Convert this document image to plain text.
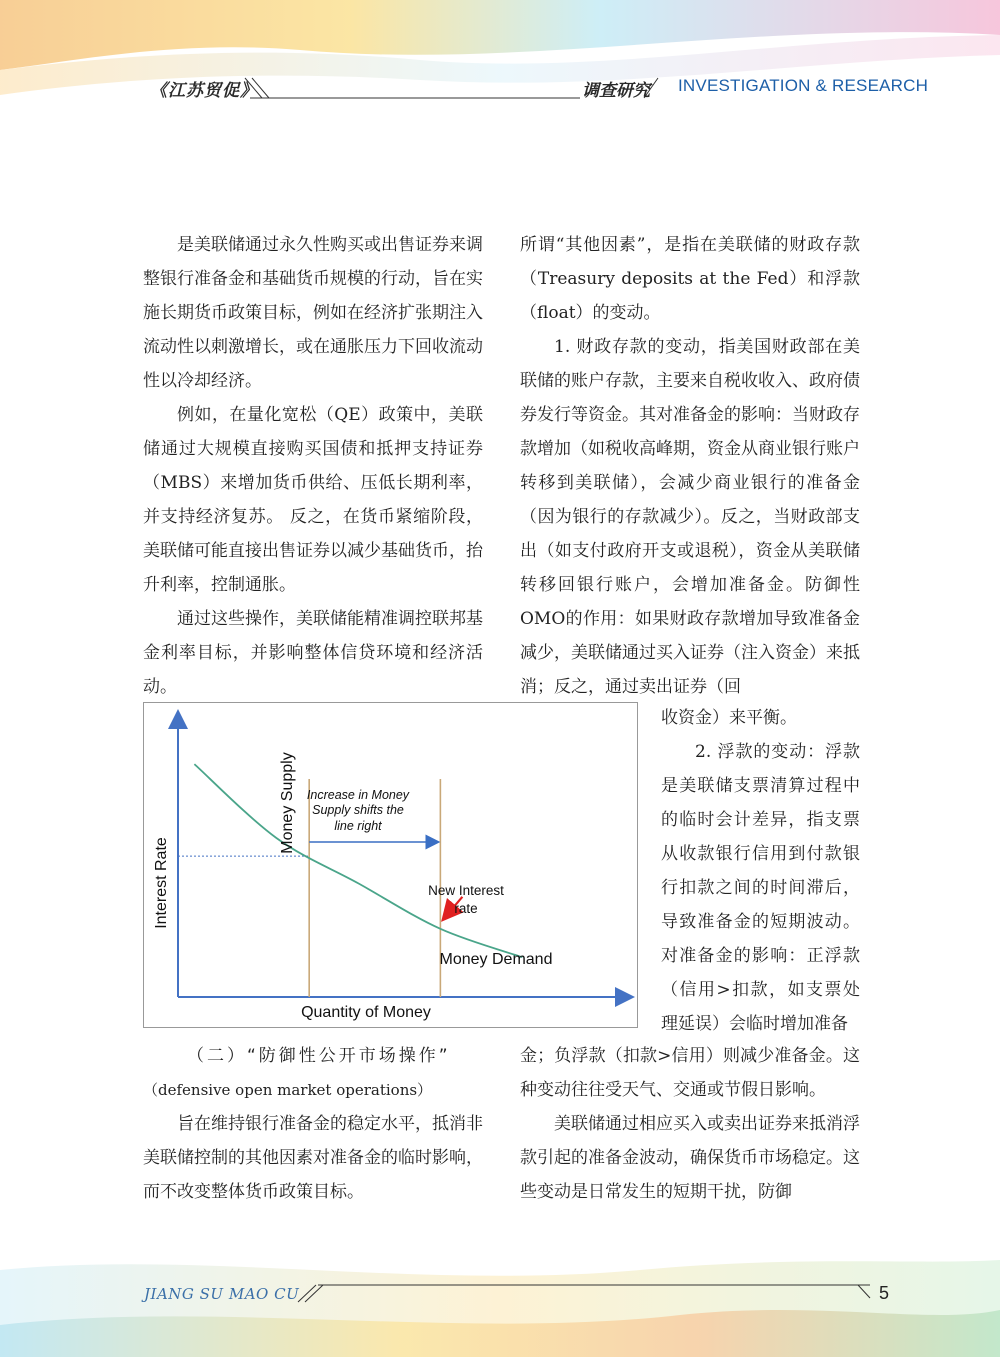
《江苏贸促》	调查研究 INVESTIGATION & RESEARCH

是美联储通过永久性购买或出售证券来调整银行准备金和基础货币规模的行动，旨在实施长期货币政策目标，例如在经济扩张期注入流动性以刺激增长，或在通胀压力下回收流动性以冷却经济。

例如，在量化宽松（QE）政策中，美联储通过大规模直接购买国债和抵押支持证券（MBS）来增加货币供给、压低长期利率，并支持经济复苏。 反之，在货币紧缩阶段，美联储可能直接出售证券以减少基础货币，抬升利率，控制通胀。

通过这些操作，美联储能精准调控联邦基金利率目标，并影响整体信贷环境和经济活动。

Interest Rate
Quantity of Money
Money Supply
Money Demand
Increase in Money
Supply shifts the
line right
New Interest
rate

（二）“防御性公开市场操作”

（defensive open market operations）

旨在维持银行准备金的稳定水平，抵消非美联储控制的其他因素对准备金的临时影响，而不改变整体货币政策目标。

所谓“其他因素”，是指在美联储的财政存款（Treasury deposits at the Fed）和浮款（float）的变动。

1. 财政存款的变动，指美国财政部在美联储的账户存款，主要来自税收收入、政府债券发行等资金。其对准备金的影响：当财政存款增加（如税收高峰期，资金从商业银行账户转移到美联储），会减少商业银行的准备金（因为银行的存款减少）。反之，当财政部支出（如支付政府开支或退税），资金从美联储转移回银行账户，会增加准备金。防御性OMO的作用：如果财政存款增加导致准备金减少，美联储通过买入证券（注入资金）来抵消；反之，通过卖出证券（回

收资金）来平衡。

2. 浮款的变动：浮款是美联储支票清算过程中的临时会计差异，指支票从收款银行信用到付款银行扣款之间的时间滞后，导致准备金的短期波动。对准备金的影响：正浮款（信用>扣款，如支票处理延误）会临时增加准备

金；负浮款（扣款>信用）则减少准备金。这种变动往往受天气、交通或节假日影响。

美联储通过相应买入或卖出证券来抵消浮款引起的准备金波动，确保货币市场稳定。这些变动是日常发生的短期干扰，防御

JIANG SU MAO CU	5
